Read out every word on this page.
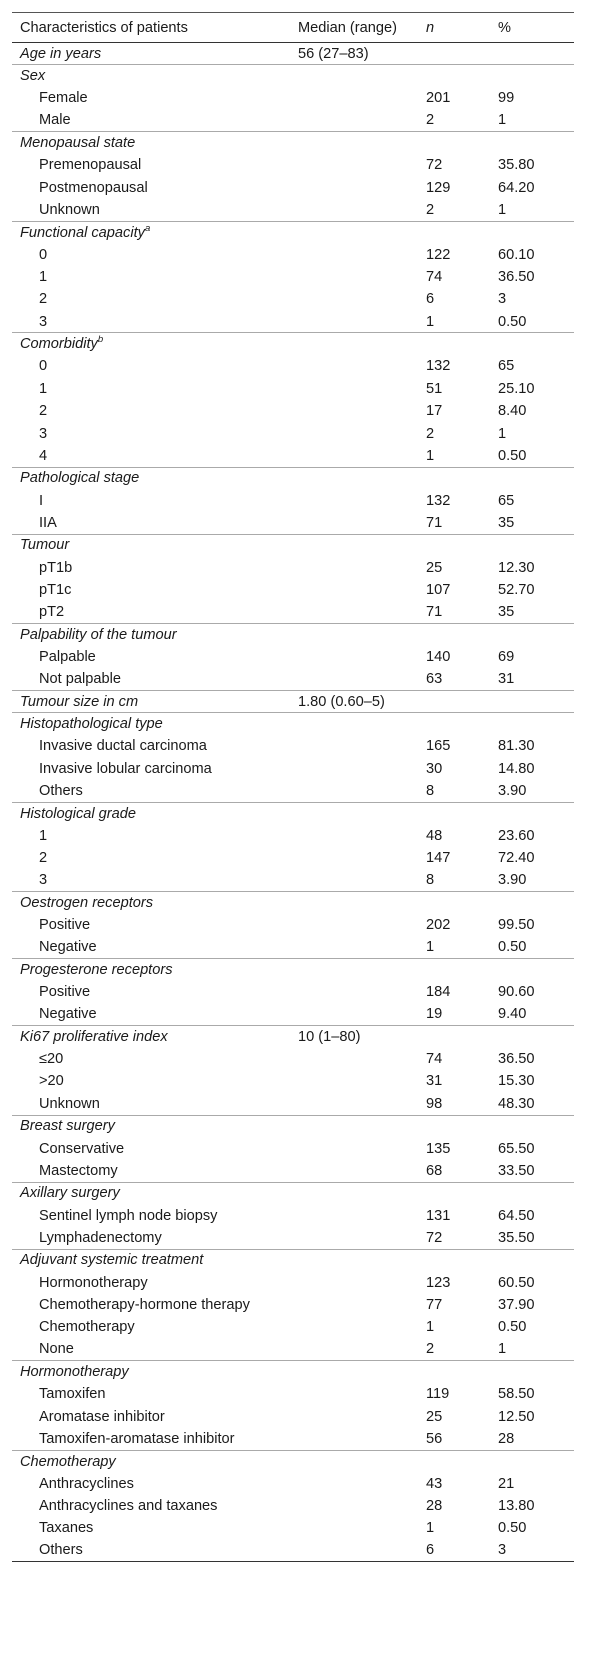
Characteristics of patients	Median (range)	n	%
Age in years	56 (27–83)		
Sex			
Female		201	99
Male		2	1
Menopausal state			
Premenopausal		72	35.80
Postmenopausal		129	64.20
Unknown		2	1
Functional capacity$^a$			
0		122	60.10
1		74	36.50
2		6	3
3		1	0.50
Comorbidity$^b$			
0		132	65
1		51	25.10
2		17	8.40
3		2	1
4		1	0.50
Pathological stage			
I		132	65
IIA		71	35
Tumour			
pT1b		25	12.30
pT1c		107	52.70
pT2		71	35
Palpability of the tumour			
Palpable		140	69
Not palpable		63	31
Tumour size in cm	1.80 (0.60–5)		
Histopathological type			
Invasive ductal carcinoma		165	81.30
Invasive lobular carcinoma		30	14.80
Others		8	3.90
Histological grade			
1		48	23.60
2		147	72.40
3		8	3.90
Oestrogen receptors			
Positive		202	99.50
Negative		1	0.50
Progesterone receptors			
Positive		184	90.60
Negative		19	9.40
Ki67 proliferative index	10 (1–80)		
≤20		74	36.50
>20		31	15.30
Unknown		98	48.30
Breast surgery			
Conservative		135	65.50
Mastectomy		68	33.50
Axillary surgery			
Sentinel lymph node biopsy		131	64.50
Lymphadenectomy		72	35.50
Adjuvant systemic treatment			
Hormonotherapy		123	60.50
Chemotherapy-hormone therapy		77	37.90
Chemotherapy		1	0.50
None		2	1
Hormonotherapy			
Tamoxifen		119	58.50
Aromatase inhibitor		25	12.50
Tamoxifen-aromatase inhibitor		56	28
Chemotherapy			
Anthracyclines		43	21
Anthracyclines and taxanes		28	13.80
Taxanes		1	0.50
Others		6	3
